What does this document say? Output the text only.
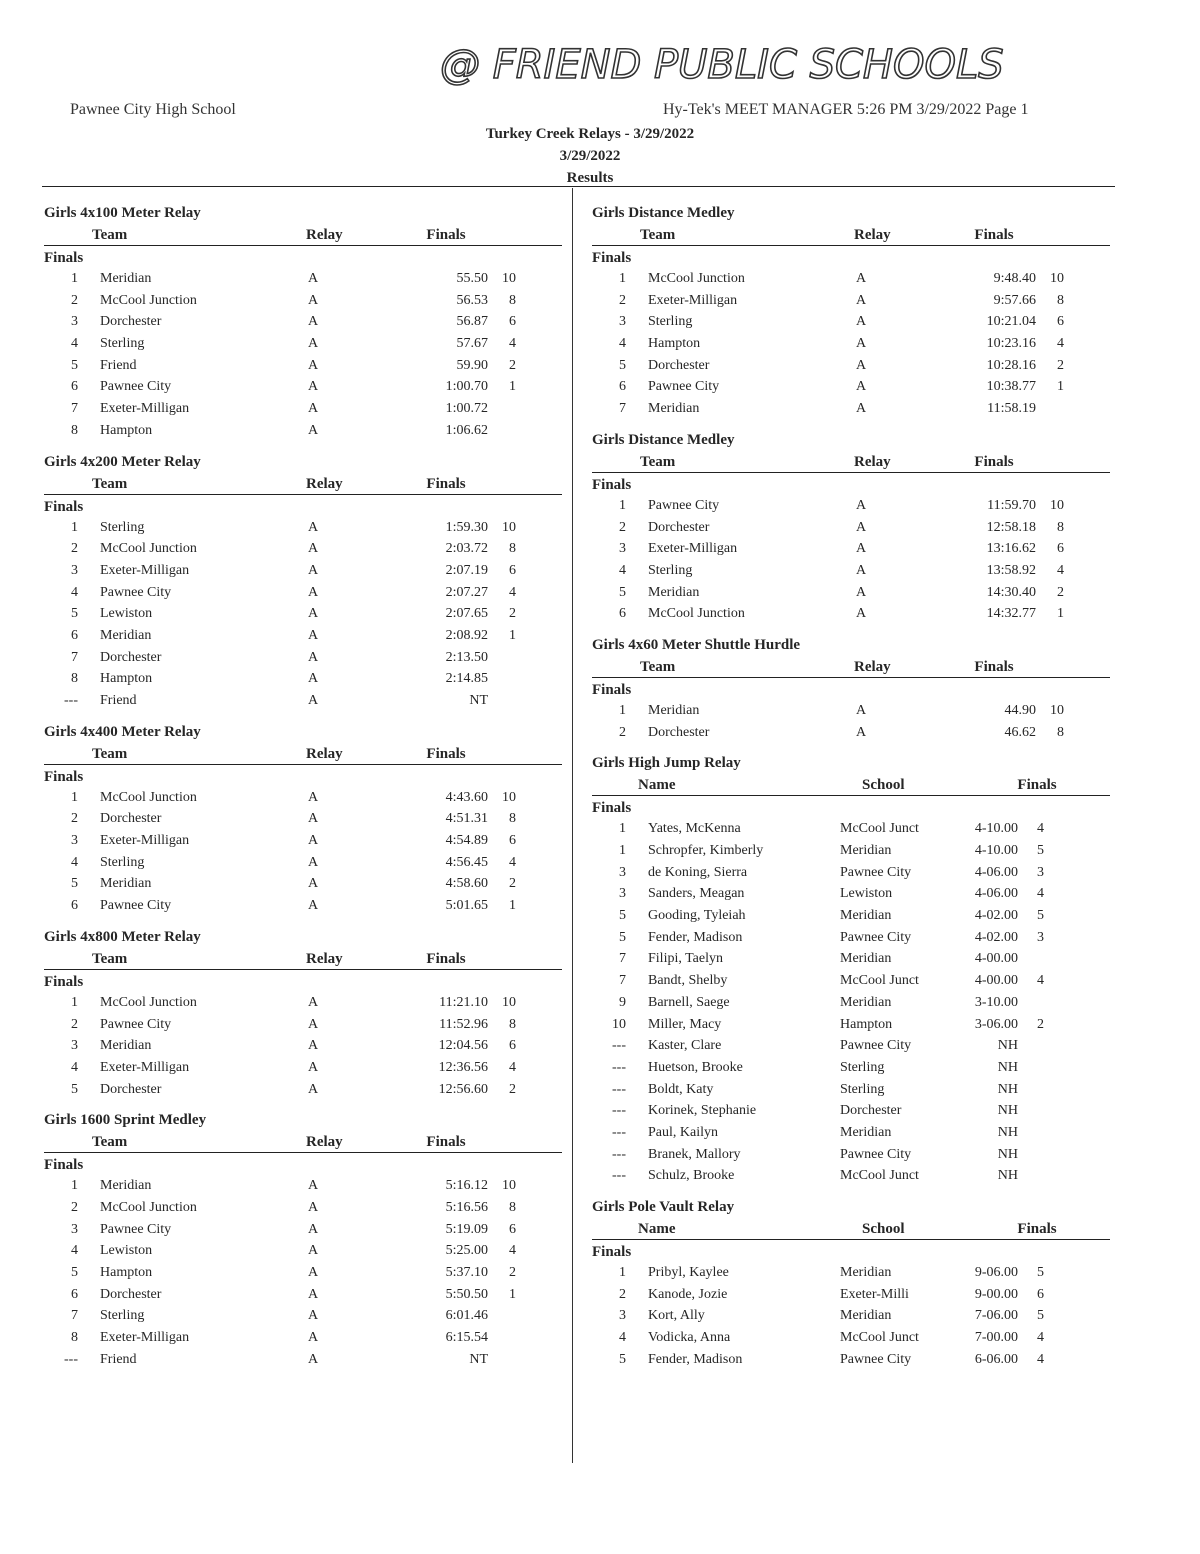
@ FRIEND PUBLIC SCHOOLS
Pawnee City High School	Hy-Tek's MEET MANAGER 5:26 PM 3/29/2022 Page 1
Turkey Creek Relays - 3/29/2022
3/29/2022
Results
Girls 4x100 Meter Relay
Team	Relay	Finals
Finals
1	Meridian	A	55.50	10
2	McCool Junction	A	56.53	8
3	Dorchester	A	56.87	6
4	Sterling	A	57.67	4
5	Friend	A	59.90	2
6	Pawnee City	A	1:00.70	1
7	Exeter-Milligan	A	1:00.72
8	Hampton	A	1:06.62
Girls 4x200 Meter Relay
Team	Relay	Finals
Finals
1	Sterling	A	1:59.30	10
2	McCool Junction	A	2:03.72	8
3	Exeter-Milligan	A	2:07.19	6
4	Pawnee City	A	2:07.27	4
5	Lewiston	A	2:07.65	2
6	Meridian	A	2:08.92	1
7	Dorchester	A	2:13.50
8	Hampton	A	2:14.85
---	Friend	A	NT
Girls 4x400 Meter Relay
Team	Relay	Finals
Finals
1	McCool Junction	A	4:43.60	10
2	Dorchester	A	4:51.31	8
3	Exeter-Milligan	A	4:54.89	6
4	Sterling	A	4:56.45	4
5	Meridian	A	4:58.60	2
6	Pawnee City	A	5:01.65	1
Girls 4x800 Meter Relay
Team	Relay	Finals
Finals
1	McCool Junction	A	11:21.10	10
2	Pawnee City	A	11:52.96	8
3	Meridian	A	12:04.56	6
4	Exeter-Milligan	A	12:36.56	4
5	Dorchester	A	12:56.60	2
Girls 1600 Sprint Medley
Team	Relay	Finals
Finals
1	Meridian	A	5:16.12	10
2	McCool Junction	A	5:16.56	8
3	Pawnee City	A	5:19.09	6
4	Lewiston	A	5:25.00	4
5	Hampton	A	5:37.10	2
6	Dorchester	A	5:50.50	1
7	Sterling	A	6:01.46
8	Exeter-Milligan	A	6:15.54
---	Friend	A	NT
Girls Distance Medley
Team	Relay	Finals
Finals
1	McCool Junction	A	9:48.40	10
2	Exeter-Milligan	A	9:57.66	8
3	Sterling	A	10:21.04	6
4	Hampton	A	10:23.16	4
5	Dorchester	A	10:28.16	2
6	Pawnee City	A	10:38.77	1
7	Meridian	A	11:58.19
Girls Distance Medley
Team	Relay	Finals
Finals
1	Pawnee City	A	11:59.70	10
2	Dorchester	A	12:58.18	8
3	Exeter-Milligan	A	13:16.62	6
4	Sterling	A	13:58.92	4
5	Meridian	A	14:30.40	2
6	McCool Junction	A	14:32.77	1
Girls 4x60 Meter Shuttle Hurdle
Team	Relay	Finals
Finals
1	Meridian	A	44.90	10
2	Dorchester	A	46.62	8
Girls High Jump Relay
Name	School	Finals
Finals
1	Yates, McKenna	McCool Junct	4-10.00	4
1	Schropfer, Kimberly	Meridian	4-10.00	5
3	de Koning, Sierra	Pawnee City	4-06.00	3
3	Sanders, Meagan	Lewiston	4-06.00	4
5	Gooding, Tyleiah	Meridian	4-02.00	5
5	Fender, Madison	Pawnee City	4-02.00	3
7	Filipi, Taelyn	Meridian	4-00.00
7	Bandt, Shelby	McCool Junct	4-00.00	4
9	Barnell, Saege	Meridian	3-10.00
10	Miller, Macy	Hampton	3-06.00	2
---	Kaster, Clare	Pawnee City	NH
---	Huetson, Brooke	Sterling	NH
---	Boldt, Katy	Sterling	NH
---	Korinek, Stephanie	Dorchester	NH
---	Paul, Kailyn	Meridian	NH
---	Branek, Mallory	Pawnee City	NH
---	Schulz, Brooke	McCool Junct	NH
Girls Pole Vault Relay
Name	School	Finals
Finals
1	Pribyl, Kaylee	Meridian	9-06.00	5
2	Kanode, Jozie	Exeter-Milli	9-00.00	6
3	Kort, Ally	Meridian	7-06.00	5
4	Vodicka, Anna	McCool Junct	7-00.00	4
5	Fender, Madison	Pawnee City	6-06.00	4
